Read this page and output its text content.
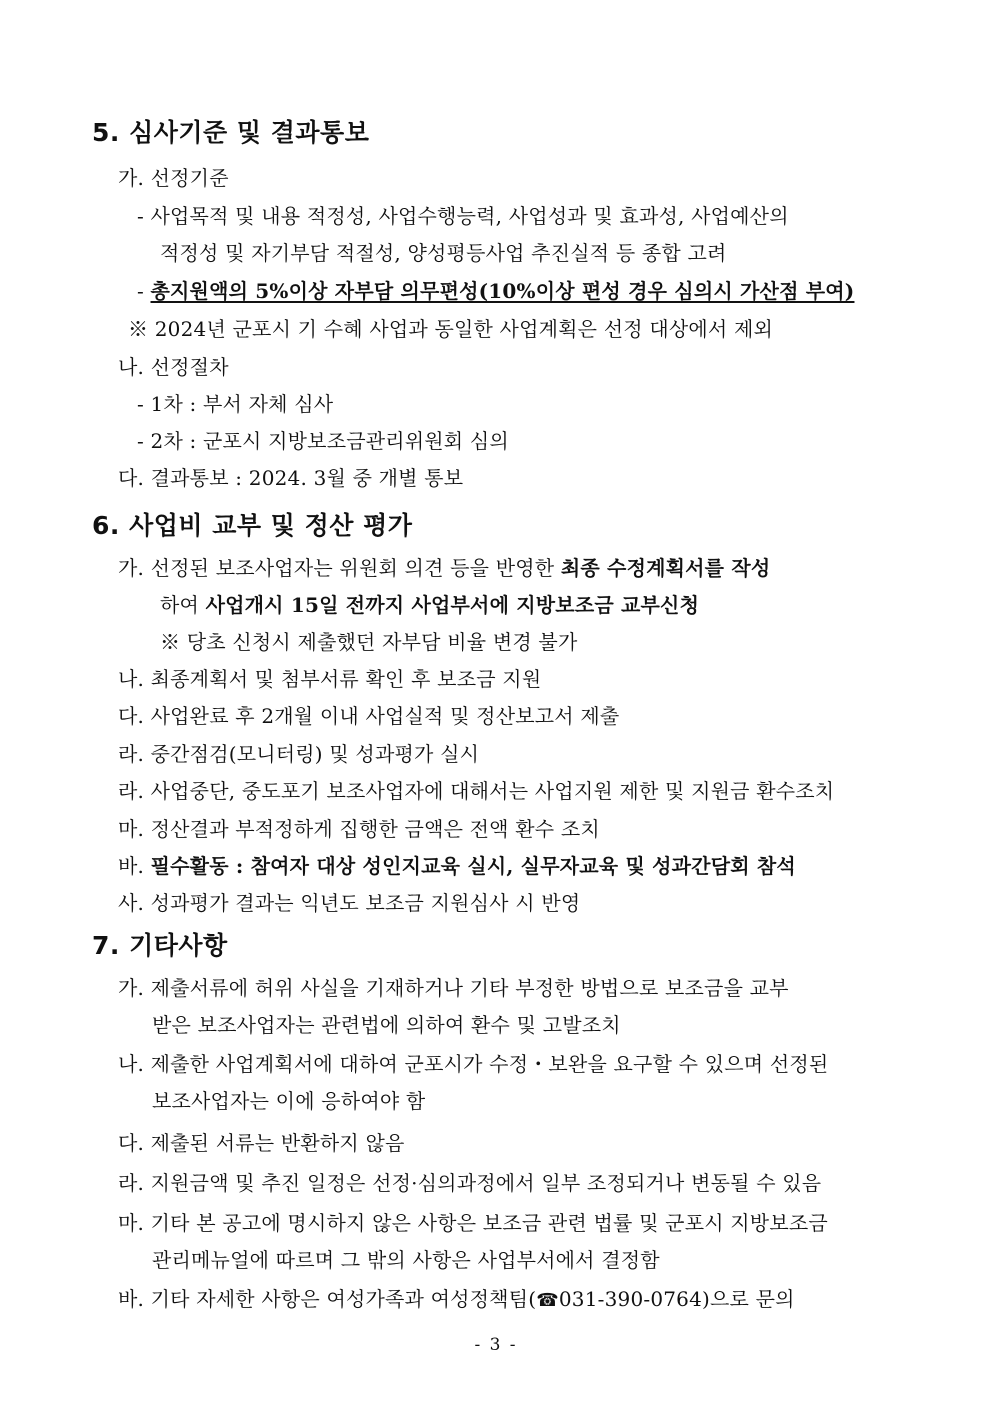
5. 심사기준 및 결과통보
가. 선정기준
- 사업목적 및 내용 적정성, 사업수행능력, 사업성과 및 효과성, 사업예산의
적정성 및 자기부담 적절성, 양성평등사업 추진실적 등 종합 고려
- 총지원액의 5%이상 자부담 의무편성(10%이상 편성 경우 심의시 가산점 부여)
※ 2024년 군포시 기 수혜 사업과 동일한 사업계획은 선정 대상에서 제외
나. 선정절차
- 1차 : 부서 자체 심사
- 2차 : 군포시 지방보조금관리위원회 심의
다. 결과통보 : 2024. 3월 중 개별 통보
6. 사업비 교부 및 정산 평가
가. 선정된 보조사업자는 위원회 의견 등을 반영한 최종 수정계획서를 작성
하여 사업개시 15일 전까지 사업부서에 지방보조금 교부신청
※ 당초 신청시 제출했던 자부담 비율 변경 불가
나. 최종계획서 및 첨부서류 확인 후 보조금 지원
다. 사업완료 후 2개월 이내 사업실적 및 정산보고서 제출
라. 중간점검(모니터링) 및 성과평가 실시
라. 사업중단, 중도포기 보조사업자에 대해서는 사업지원 제한 및 지원금 환수조치
마. 정산결과 부적정하게 집행한 금액은 전액 환수 조치
바. 필수활동 : 참여자 대상 성인지교육 실시, 실무자교육 및 성과간담회 참석
사. 성과평가 결과는 익년도 보조금 지원심사 시 반영
7. 기타사항
가. 제출서류에 허위 사실을 기재하거나 기타 부정한 방법으로 보조금을 교부
받은 보조사업자는 관련법에 의하여 환수 및 고발조치
나. 제출한 사업계획서에 대하여 군포시가 수정・보완을 요구할 수 있으며 선정된
보조사업자는 이에 응하여야 함
다. 제출된 서류는 반환하지 않음
라. 지원금액 및 추진 일정은 선정·심의과정에서 일부 조정되거나 변동될 수 있음
마. 기타 본 공고에 명시하지 않은 사항은 보조금 관련 법률 및 군포시 지방보조금
관리메뉴얼에 따르며 그 밖의 사항은 사업부서에서 결정함
바. 기타 자세한 사항은 여성가족과 여성정책팀(☎031-390-0764)으로 문의
- 3 -
